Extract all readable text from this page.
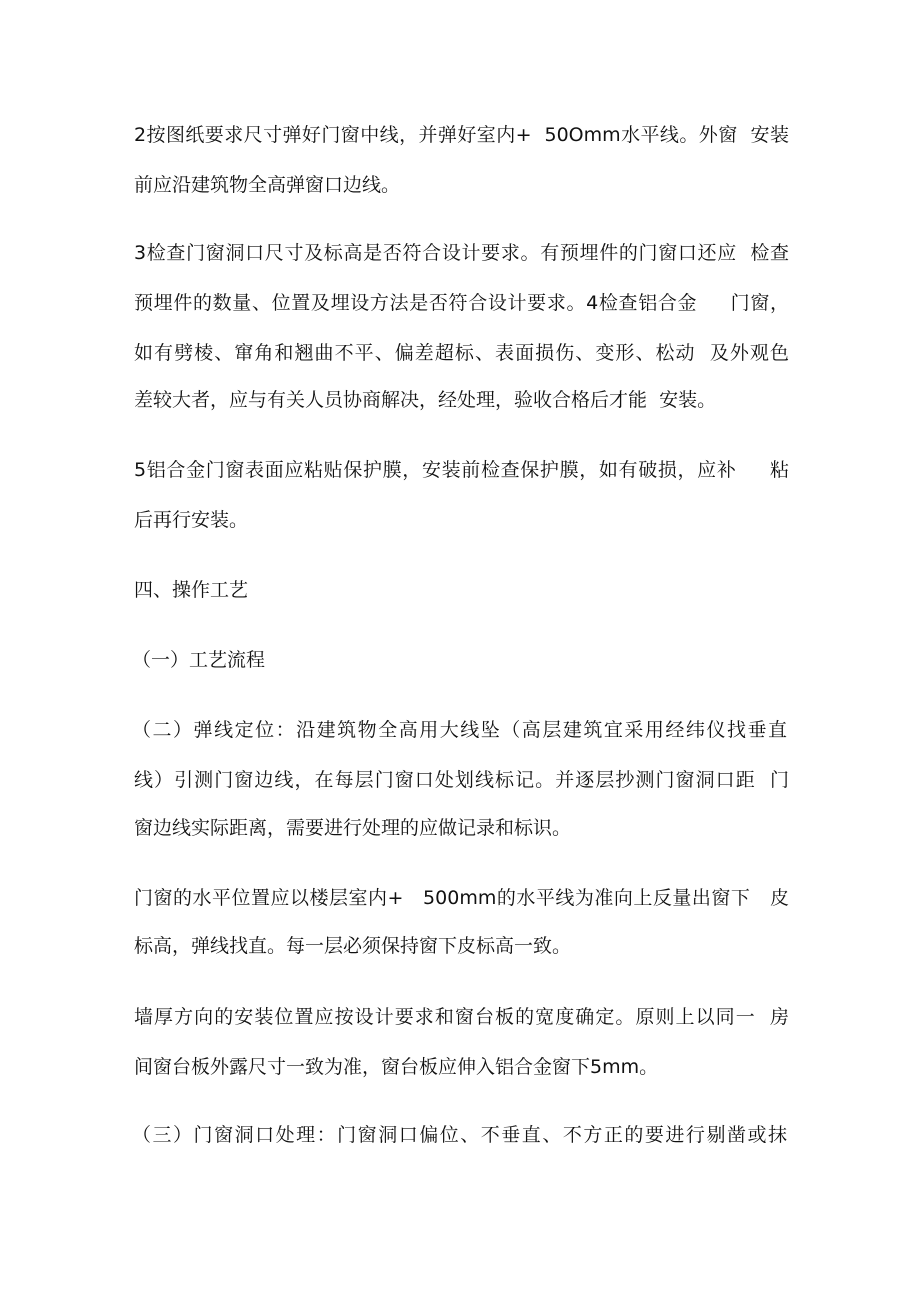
2按图纸要求尺寸弹好门窗中线，并弹好室内+  50Omm水平线。外窗  安装
前应沿建筑物全高弹窗口边线。
3检查门窗洞口尺寸及标高是否符合设计要求。有预埋件的门窗口还应  检查
预埋件的数量、位置及埋设方法是否符合设计要求。4检查铝合金     门窗，
如有劈棱、窜角和翘曲不平、偏差超标、表面损伤、变形、松动  及外观色
差较大者，应与有关人员协商解决，经处理，验收合格后才能  安装。
5铝合金门窗表面应粘贴保护膜，安装前检查保护膜，如有破损，应补     粘
后再行安装。
四、操作工艺
（一）工艺流程
（二）弹线定位：沿建筑物全高用大线坠（高层建筑宜采用经纬仪找垂直
线）引测门窗边线，在每层门窗口处划线标记。并逐层抄测门窗洞口距  门
窗边线实际距离，需要进行处理的应做记录和标识。
门窗的水平位置应以楼层室内+   500mm的水平线为准向上反量出窗下   皮
标高，弹线找直。每一层必须保持窗下皮标高一致。
墙厚方向的安装位置应按设计要求和窗台板的宽度确定。原则上以同一  房
间窗台板外露尺寸一致为准，窗台板应伸入铝合金窗下5mm。
（三）门窗洞口处理：门窗洞口偏位、不垂直、不方正的要进行剔凿或抹
